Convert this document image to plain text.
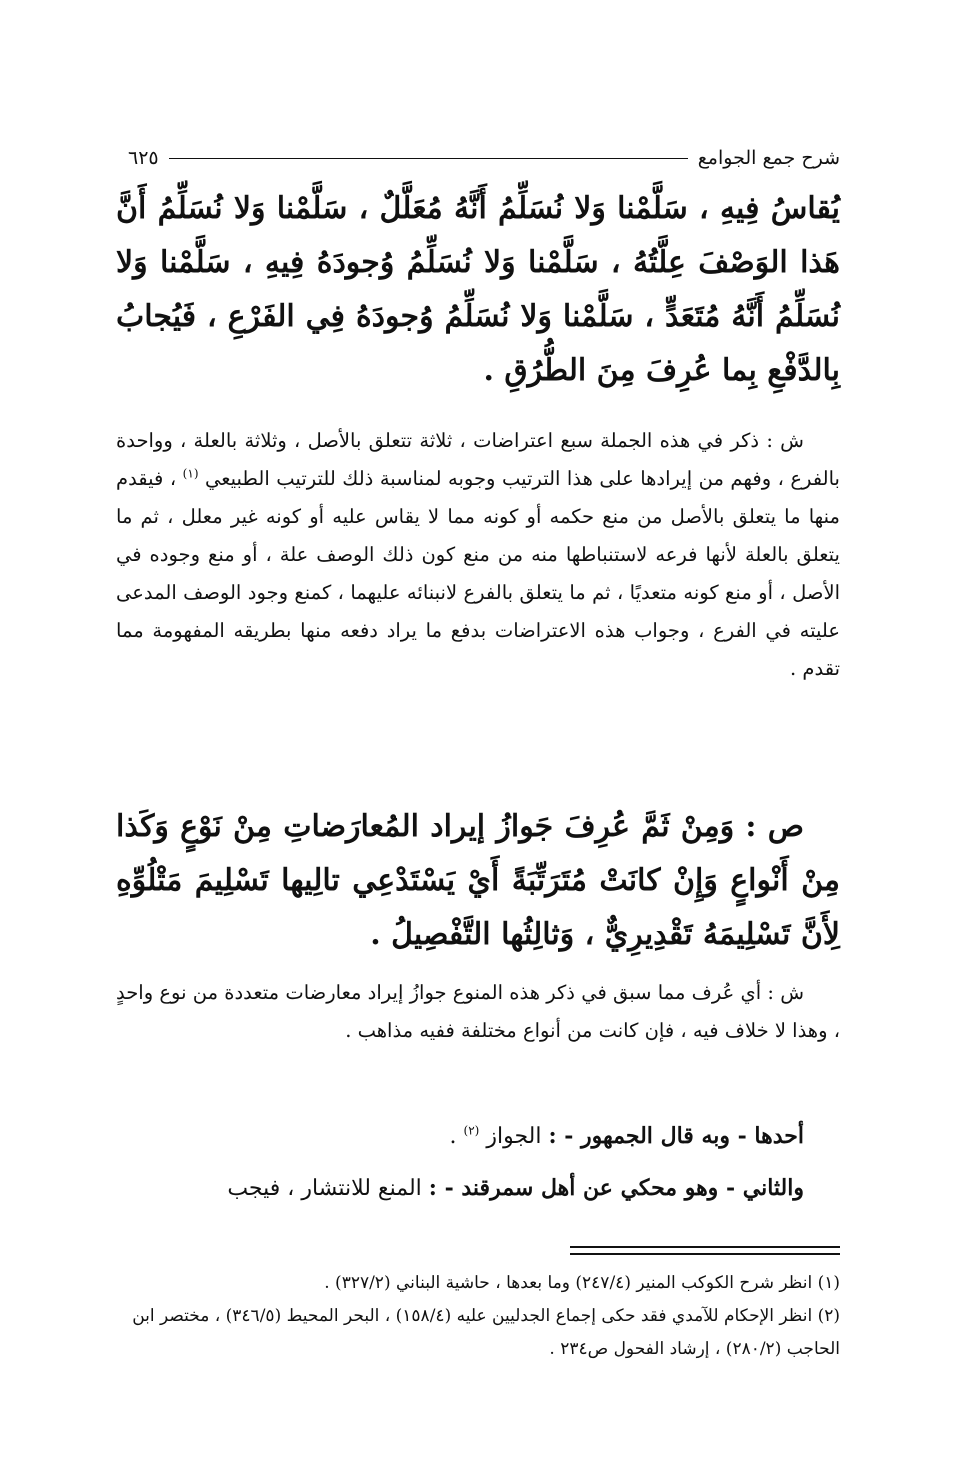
شرح جمع الجوامع
٦٢٥

يُقاسُ فِيهِ ، سَلَّمْنا وَلا نُسَلِّمُ أَنَّهُ مُعَلَّلٌ ، سَلَّمْنا وَلا نُسَلِّمُ أَنَّ هَذا الوَصْفَ عِلَّتُهُ ، سَلَّمْنا وَلا نُسَلِّمُ وُجودَهُ فِيهِ ، سَلَّمْنا وَلا نُسَلِّمُ أَنَّهُ مُتَعَدٍّ ، سَلَّمْنا وَلا نُسَلِّمُ وُجودَهُ فِي الفَرْعِ ، فَيُجابُ بِالدَّفْعِ بِما عُرِفَ مِنَ الطُّرُقِ .

ش : ذكر في هذه الجملة سبع اعتراضات ، ثلاثة تتعلق بالأصل ، وثلاثة بالعلة ، وواحدة بالفرع ، وفهم من إيرادها على هذا الترتيب وجوبه لمناسبة ذلك للترتيب الطبيعي $^{(١)}$ ، فيقدم منها ما يتعلق بالأصل من منع حكمه أو كونه مما لا يقاس عليه أو كونه غير معلل ، ثم ما يتعلق بالعلة لأنها فرعه لاستنباطها منه من منع كون ذلك الوصف علة ، أو منع وجوده في الأصل ، أو منع كونه متعديًا ، ثم ما يتعلق بالفرع لانبنائه عليهما ، كمنع وجود الوصف المدعى عليته في الفرع ، وجواب هذه الاعتراضات بدفع ما يراد دفعه منها بطريقه المفهومة مما تقدم .

ص : وَمِنْ ثَمَّ عُرِفَ جَوازُ إيراد المُعارَضاتِ مِنْ نَوْعٍ وَكَذا مِنْ أَنْواعٍ وَإِنْ كانَتْ مُتَرَتِّبَةً أَيْ يَسْتَدْعِي تالِيها تَسْلِيمَ مَتْلُوِّهِ لِأَنَّ تَسْلِيمَهُ تَقْدِيرِيٌّ ، وَثالِثُها التَّفْصِيلُ .

ش : أي عُرف مما سبق في ذكر هذه المنوع جوازُ إيراد معارضات متعددة من نوع واحدٍ ، وهذا لا خلاف فيه ، فإن كانت من أنواع مختلفة ففيه مذاهب .

أحدها - وبه قال الجمهور - : الجواز $^{(٢)}$ .

والثاني - وهو محكي عن أهل سمرقند - : المنع للانتشار ، فيجب

(١) انظر شرح الكوكب المنير (٢٤٧/٤) وما بعدها ، حاشية البناني (٣٢٧/٢) .

(٢) انظر الإحكام للآمدي فقد حكى إجماع الجدليين عليه (١٥٨/٤) ، البحر المحيط (٣٤٦/٥) ، مختصر ابن الحاجب (٢٨٠/٢) ، إرشاد الفحول ص٢٣٤ .
